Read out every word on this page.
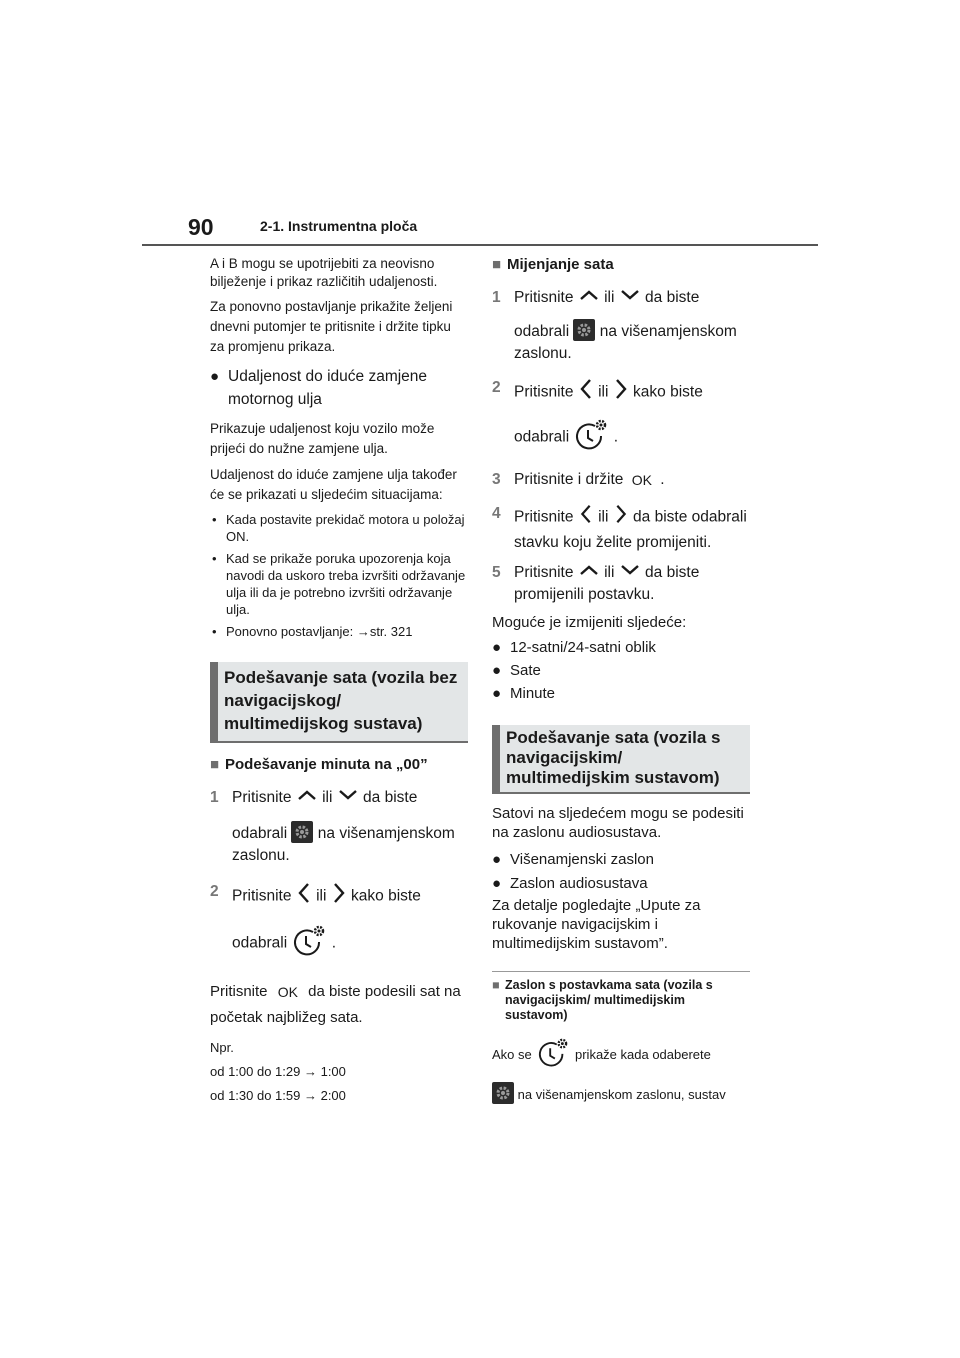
90	2-1. Instrumentna ploča

A i B mogu se upotrijebiti za neovisno bilježenje i prikaz različitih udaljenosti.

Za ponovno postavljanje prikažite željeni dnevni putomjer te pritisnite i držite tipku za promjenu prikaza.

● Udaljenost do iduće zamjene motornog ulja

Prikazuje udaljenost koju vozilo može prijeći do nužne zamjene ulja.

Udaljenost do iduće zamjene ulja također će se prikazati u sljedećim situacijama:

• Kada postavite prekidač motora u položaj ON.
• Kad se prikaže poruka upozorenja koja navodi da uskoro treba izvršiti održavanje ulja ili da je potrebno izvršiti održavanje ulja.
• Ponovno postavljanje: →str. 321
Podešavanje sata (vozila bez navigacijskog/ multimedijskog sustava)
■ Podešavanje minuta na „00”
1 Pritisnite ili da biste
odabrali na višenamjenskom zaslonu.
2 Pritisnite ili kako biste
odabrali	.

Pritisnite OK da biste podesili sat na početak najbližeg sata.

Npr.

od 1:00 do 1:29 → 1:00

od 1:30 do 1:59 → 2:00

■ Mijenjanje sata
1 Pritisnite ili da biste
odabrali na višenamjenskom zaslonu.
2 Pritisnite ili kako biste
odabrali	.
3 Pritisnite i držite OK .
4 Pritisnite ili da biste odabrali stavku koju želite promijeniti.
5 Pritisnite ili da biste promijenili postavku.

Moguće je izmijeniti sljedeće:

● 12-satni/24-satni oblik
● Sate
● Minute
Podešavanje sata (vozila s navigacijskim/ multimedijskim sustavom)

Satovi na sljedećem mogu se podesiti na zaslonu audiosustava.

● Višenamjenski zaslon
● Zaslon audiosustava

Za detalje pogledajte „Upute za rukovanje navigacijskim i multimedijskim sustavom”.

■ Zaslon s postavkama sata (vozila s navigacijskim/ multimedijskim sustavom)

Ako se	prikaže kada odaberete

na višenamjenskom zaslonu, sustav
